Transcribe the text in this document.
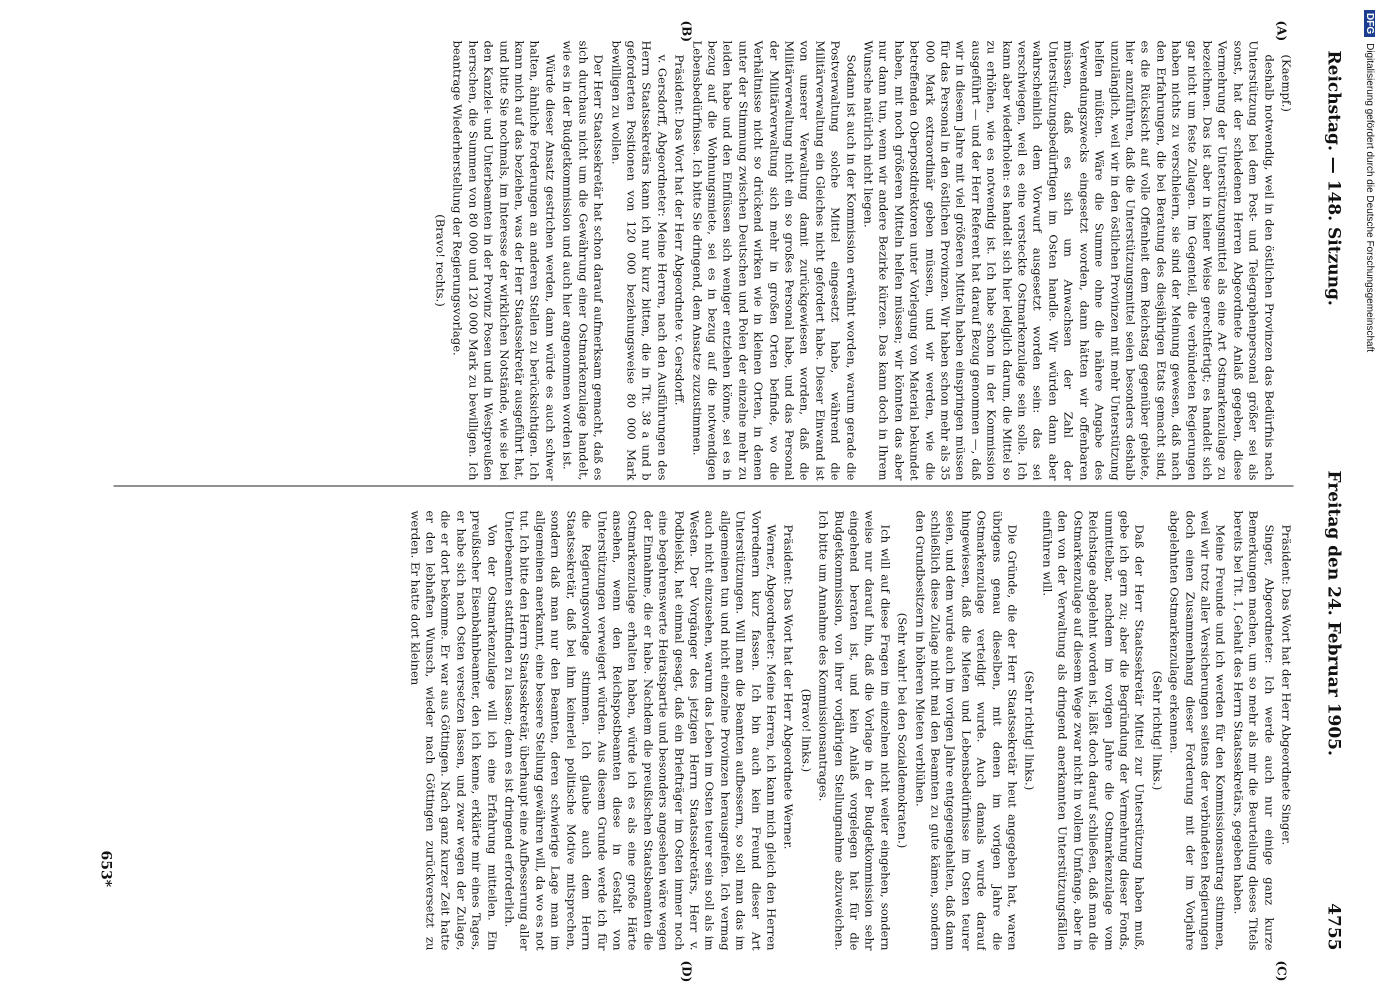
Reichstag. — 148. Sitzung.
Freitag den 24. Februar 1905.
4755
(A)
(B)
(C)
(D)

(Kaempf.)

deshalb notwendig, weil in den östlichen Provinzen das Bedürfnis nach Unterstützung bei dem Post- und Telegraphenpersonal größer sei als sonst, hat der schiedenen Herren Abgeordnete Anlaß gegeben, diese Vermehrung der Unterstützungsmittel als eine Art Ostmarkenzulage zu bezeichnen. Das ist aber in keiner Weise gerechtfertigt; es handelt sich gar nicht um feste Zulagen. Im Gegenteil, die verbündeten Regierungen haben nichts zu verschleiern, sie sind der Meinung gewesen, daß nach den Erfahrungen, die bei Beratung des diesjährigen Etats gemacht sind, es die Rücksicht auf volle Offenheit dem Reichstag gegenüber gebiete, hier anzuführen, daß die Unterstützungsmittel seien besonders deshalb unzulänglich, weil wir in den östlichen Provinzen mit mehr Unterstützung helfen müßten. Wäre die Summe ohne die nähere Angabe des Verwendungszwecks eingesetzt worden, dann hätten wir offenbaren müssen, daß es sich um Anwachsen der Zahl der Unterstützungsbedürftigen im Osten handle. Wir würden dann aber wahrscheinlich dem Vorwurf ausgesetzt worden sein: das sei verschwiegen, weil es eine versteckte Ostmarkenzulage sein solle. Ich kann aber wiederholen: es handelt sich hier lediglich darum, die Mittel so zu erhöhen, wie es notwendig ist. Ich habe schon in der Kommission ausgeführt — und der Herr Referent hat darauf Bezug genommen —, daß wir in diesem Jahre mit viel größeren Mitteln haben einspringen müssen für das Personal in den östlichen Provinzen. Wir haben schon mehr als 35 000 Mark extraordinär geben müssen, und wir werden, wie die betreffenden Oberpostdirektoren unter Vorlegung von Material bekundet haben, mit noch größeren Mitteln helfen müssen; wir könnten das aber nur dann tun, wenn wir andere Bezirke kürzen. Das kann doch in Ihrem Wunsche natürlich nicht liegen.

Sodann ist auch in der Kommission erwähnt worden, warum gerade die Postverwaltung solche Mittel eingesetzt habe, während die Militärverwaltung ein Gleiches nicht gefordert habe. Dieser Einwand ist von unserer Verwaltung damit zurückgewiesen worden, daß die Militärverwaltung nicht ein so großes Personal habe, und das Personal der Militärverwaltung sich mehr in großen Orten befinde, wo die Verhältnisse nicht so drückend wirken wie in kleinen Orten, in denen unter der Stimmung zwischen Deutschen und Polen der einzelne mehr zu leiden habe und den Einflüssen sich weniger entziehen könne, sei es in bezug auf die Wohnungsmiete, sei es in bezug auf die notwendigen Lebensbedürfnisse. Ich bitte Sie dringend, dem Ansatze zuzustimmen.

Präsident: Das Wort hat der Herr Abgeordnete v. Gersdorff.

v. Gersdorff, Abgeordneter: Meine Herren, nach den Ausführungen des Herrn Staatssekretärs kann ich nur kurz bitten, die in Tit. 38 a und b geforderten Positionen von 120 000 beziehungsweise 80 000 Mark bewilligen zu wollen.

Der Herr Staatssekretär hat schon darauf aufmerksam gemacht, daß es sich durchaus nicht um die Gewährung einer Ostmarkenzulage handelt, wie es in der Budgetkommission und auch hier angenommen worden ist.

Würde dieser Ansatz gestrichen werden, dann würde es auch schwer halten, ähnliche Forderungen an anderen Stellen zu berücksichtigen. Ich kann mich auf das beziehen, was der Herr Staatssekretär ausgeführt hat, und bitte Sie nochmals, im Interesse der wirklichen Notstände, wie sie bei den Kanzlei- und Unterbeamten in der Provinz Posen und in Westpreußen herrschen, die Summen von 80 000 und 120 000 Mark zu bewilligen. Ich beantrage Wiederherstellung der Regierungsvorlage.

(Bravo! rechts.)

Präsident: Das Wort hat der Herr Abgeordnete Singer.

Singer, Abgeordneter: Ich werde auch nur einige ganz kurze Bemerkungen machen, um so mehr als mir die Beurteilung dieses Titels bereits bei Tit. 1, Gehalt des Herrn Staatssekretärs, gegeben haben.

Meine Freunde und ich werden für den Kommissionsantrag stimmen, weil wir trotz aller Versicherungen seitens der verbündeten Regierungen doch einen Zusammenhang dieser Forderung mit der im Vorjahre abgelehnten Ostmarkenzulage erkennen.

(Sehr richtig! links.)

Daß der Herr Staatssekretär Mittel zur Unterstützung haben muß, gebe ich gern zu; aber die Begründung der Vermehrung dieser Fonds, unmittelbar, nachdem im vorigen Jahre die Ostmarkenzulage vom Reichstage abgelehnt worden ist, läßt doch darauf schließen, daß man die Ostmarkenzulage auf diesem Wege zwar nicht in vollem Umfange, aber in den von der Verwaltung als dringend anerkannten Unterstützungsfällen einführen will.

(Sehr richtig! links.)

Die Gründe, die der Herr Staatssekretär heut angegeben hat, waren übrigens genau dieselben, mit denen im vorigen Jahre die Ostmarkenzulage verteidigt wurde. Auch damals wurde darauf hingewiesen, daß die Mieten und Lebensbedürfnisse im Osten teurer seien, und dem wurde auch im vorigen Jahre entgegengehalten, daß dann schließlich diese Zulage nicht mal den Beamten zu gute kämen, sondern den Grundbesitzern in höheren Mieten verblühen.

(Sehr wahr! bei den Sozialdemokraten.)

Ich will auf diese Fragen im einzelnen nicht weiter eingehen, sondern weise nur darauf hin, daß die Vorlage in der Budgetkommission sehr eingehend beraten ist, und kein Anlaß vorgelegen hat für die Budgetkommission, von ihrer vorjährigen Stellungnahme abzuweichen. Ich bitte um Annahme des Kommissionsantrages.

(Bravo! links.)

Präsident: Das Wort hat der Herr Abgeordnete Werner.

Werner, Abgeordneter: Meine Herren, ich kann mich gleich den Herren Vorrednern kurz fassen. Ich bin auch kein Freund dieser Art Unterstützungen. Will man die Beamten aufbessern, so soll man das im allgemeinen tun und nicht einzelne Provinzen herausgreifen. Ich vermag auch nicht einzusehen, warum das Leben im Osten teurer sein soll als im Westen. Der Vorgänger des jetzigen Herrn Staatssekretärs, Herr v. Podbielski, hat einmal gesagt, daß ein Briefträger im Osten immer noch eine begehrenswerte Heiratspartie und besonders angesehen wäre wegen der Einnahme, die er habe. Nachdem die preußischen Staatsbeamten die Ostmarkenzulage erhalten haben, würde ich es als eine große Härte ansehen, wenn den Reichspostbeamten diese in Gestalt von Unterstützungen verweigert würden. Aus diesem Grunde werde ich für die Regierungsvorlage stimmen. Ich glaube auch dem Herrn Staatssekretär, daß bei ihm keinerlei politische Motive mitsprechen, sondern daß man nur den Beamten, deren schwierige Lage man im allgemeinen anerkannt, eine bessere Stellung gewähren will, da wo es not tut. Ich bitte den Herrn Staatssekretär, überhaupt eine Aufbesserung aller Unterbeamten stattfinden zu lassen; denn es ist dringend erforderlich.

Von der Ostmarkenzulage will ich eine Erfahrung mitteilen. Ein preußischer Eisenbahnbeamter, den ich kenne, erklärte mir eines Tages, er habe sich nach Osten versetzen lassen, und zwar wegen der Zulage, die er dort bekomme. Er war aus Göttingen. Nach ganz kurzer Zeit hatte er den lebhaften Wunsch, wieder nach Göttingen zurückversetzt zu werden. Er hatte dort kleinen

653*
DFGDigitalisierung gefördert durch die Deutsche Forschungsgemeinschaft
